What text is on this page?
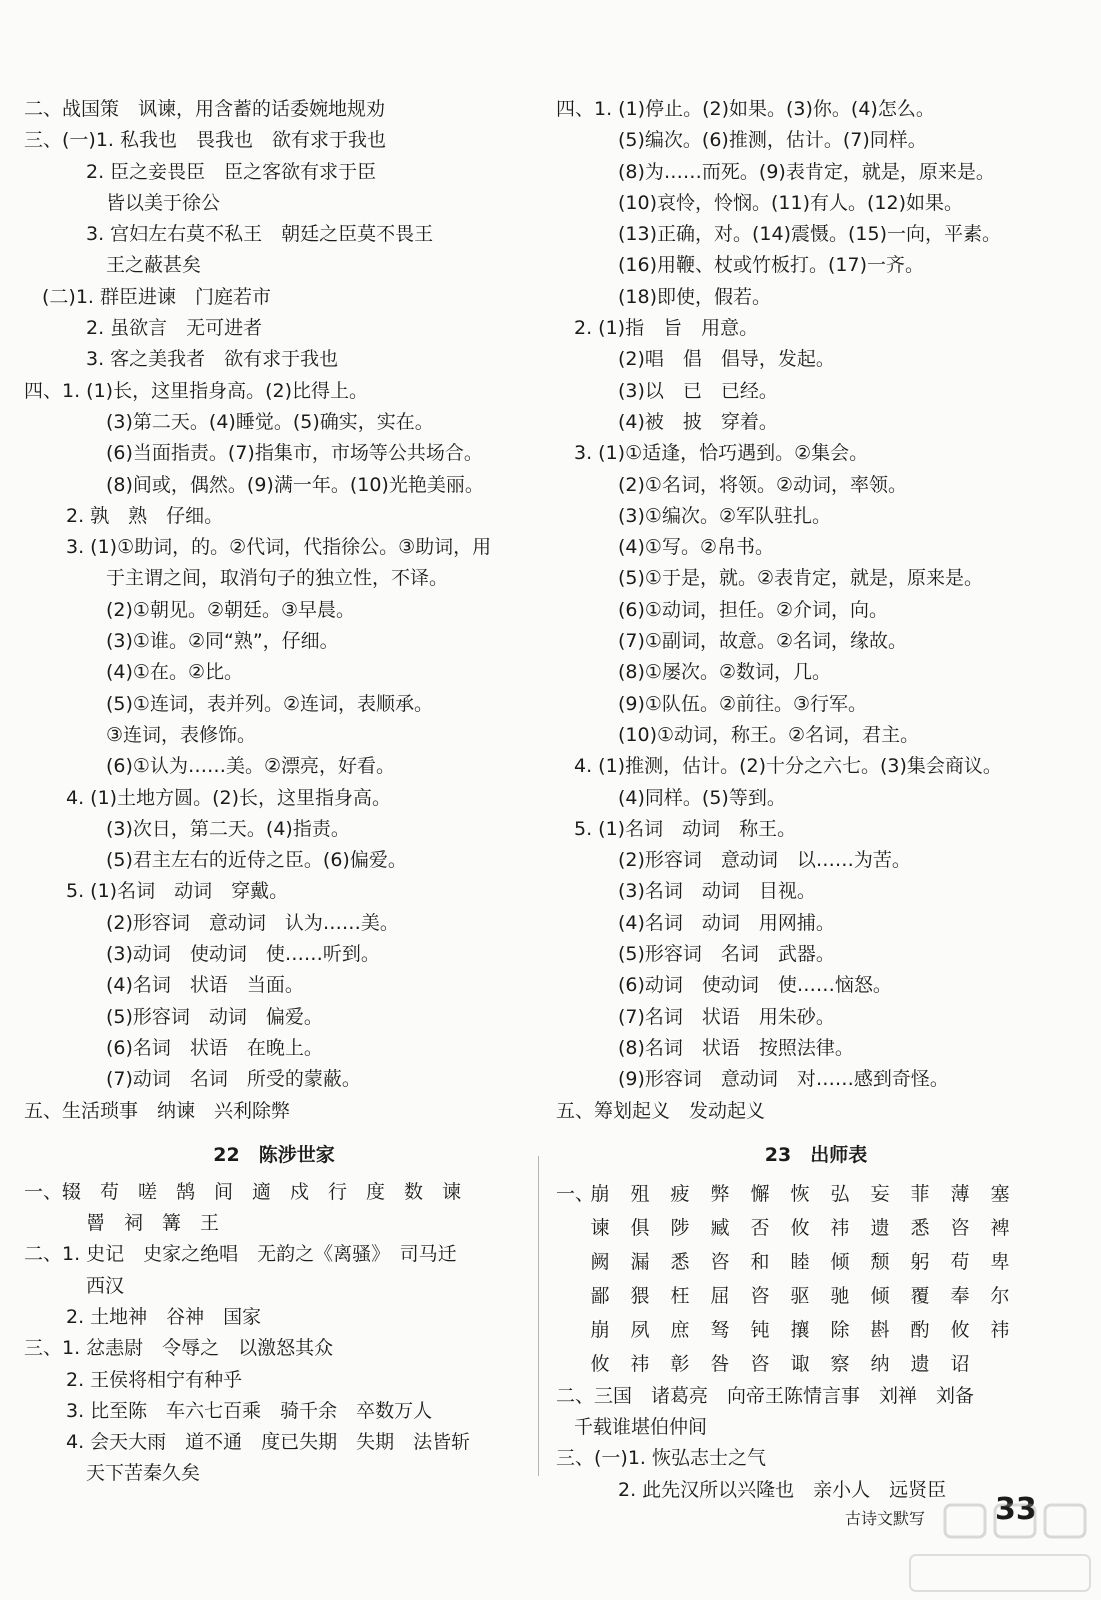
二、战国策　讽谏，用含蓄的话委婉地规劝
三、(一)1. 私我也　畏我也　欲有求于我也
2. 臣之妾畏臣　臣之客欲有求于臣
皆以美于徐公
3. 宫妇左右莫不私王　朝廷之臣莫不畏王
王之蔽甚矣
(二)1. 群臣进谏　门庭若市
2. 虽欲言　无可进者
3. 客之美我者　欲有求于我也
四、1. (1)长，这里指身高。(2)比得上。
(3)第二天。(4)睡觉。(5)确实，实在。
(6)当面指责。(7)指集市，市场等公共场合。
(8)间或，偶然。(9)满一年。(10)光艳美丽。
2. 孰　熟　仔细。
3. (1)①助词，的。②代词，代指徐公。③助词，用
于主谓之间，取消句子的独立性，不译。
(2)①朝见。②朝廷。③早晨。
(3)①谁。②同“熟”，仔细。
(4)①在。②比。
(5)①连词，表并列。②连词，表顺承。
③连词，表修饰。
(6)①认为……美。②漂亮，好看。
4. (1)土地方圆。(2)长，这里指身高。
(3)次日，第二天。(4)指责。
(5)君主左右的近侍之臣。(6)偏爱。
5. (1)名词　动词　穿戴。
(2)形容词　意动词　认为……美。
(3)动词　使动词　使……听到。
(4)名词　状语　当面。
(5)形容词　动词　偏爱。
(6)名词　状语　在晚上。
(7)动词　名词　所受的蒙蔽。
五、生活琐事　纳谏　兴利除弊
22　陈涉世家
一、辍　苟　嗟　鹄　间　適　戍　行　度　数　谏
罾　祠　篝　王
二、1. 史记　史家之绝唱　无韵之《离骚》　司马迁
西汉
2. 土地神　谷神　国家
三、1. 忿恚尉　令辱之　以激怒其众
2. 王侯将相宁有种乎
3. 比至陈　车六七百乘　骑千余　卒数万人
4. 会天大雨　道不通　度已失期　失期　法皆斩
天下苦秦久矣
四、1. (1)停止。(2)如果。(3)你。(4)怎么。
(5)编次。(6)推测，估计。(7)同样。
(8)为……而死。(9)表肯定，就是，原来是。
(10)哀怜，怜悯。(11)有人。(12)如果。
(13)正确，对。(14)震慑。(15)一向，平素。
(16)用鞭、杖或竹板打。(17)一齐。
(18)即使，假若。
2. (1)指　旨　用意。
(2)唱　倡　倡导，发起。
(3)以　已　已经。
(4)被　披　穿着。
3. (1)①适逢，恰巧遇到。②集会。
(2)①名词，将领。②动词，率领。
(3)①编次。②军队驻扎。
(4)①写。②帛书。
(5)①于是，就。②表肯定，就是，原来是。
(6)①动词，担任。②介词，向。
(7)①副词，故意。②名词，缘故。
(8)①屡次。②数词，几。
(9)①队伍。②前往。③行军。
(10)①动词，称王。②名词，君主。
4. (1)推测，估计。(2)十分之六七。(3)集会商议。
(4)同样。(5)等到。
5. (1)名词　动词　称王。
(2)形容词　意动词　以……为苦。
(3)名词　动词　目视。
(4)名词　动词　用网捕。
(5)形容词　名词　武器。
(6)动词　使动词　使……恼怒。
(7)名词　状语　用朱砂。
(8)名词　状语　按照法律。
(9)形容词　意动词　对……感到奇怪。
五、筹划起义　发动起义
23　出师表
一、崩 殂 疲 弊 懈 恢 弘 妄 菲 薄 塞
谏 俱 陟 臧 否 攸 祎 遗 悉 咨 裨
阙 漏 悉 咨 和 睦 倾 颓 躬 苟 卑
鄙 猥 枉 屈 咨 驱 驰 倾 覆 奉 尔
崩 夙 庶 驽 钝 攘 除 斟 酌 攸 祎
攸 祎 彰 咎 咨 诹 察 纳 遗 诏
二、三国　诸葛亮　向帝王陈情言事　刘禅　刘备
千载谁堪伯仲间
三、(一)1. 恢弘志士之气
2. 此先汉所以兴隆也　亲小人　远贤臣
古诗文默写 33
